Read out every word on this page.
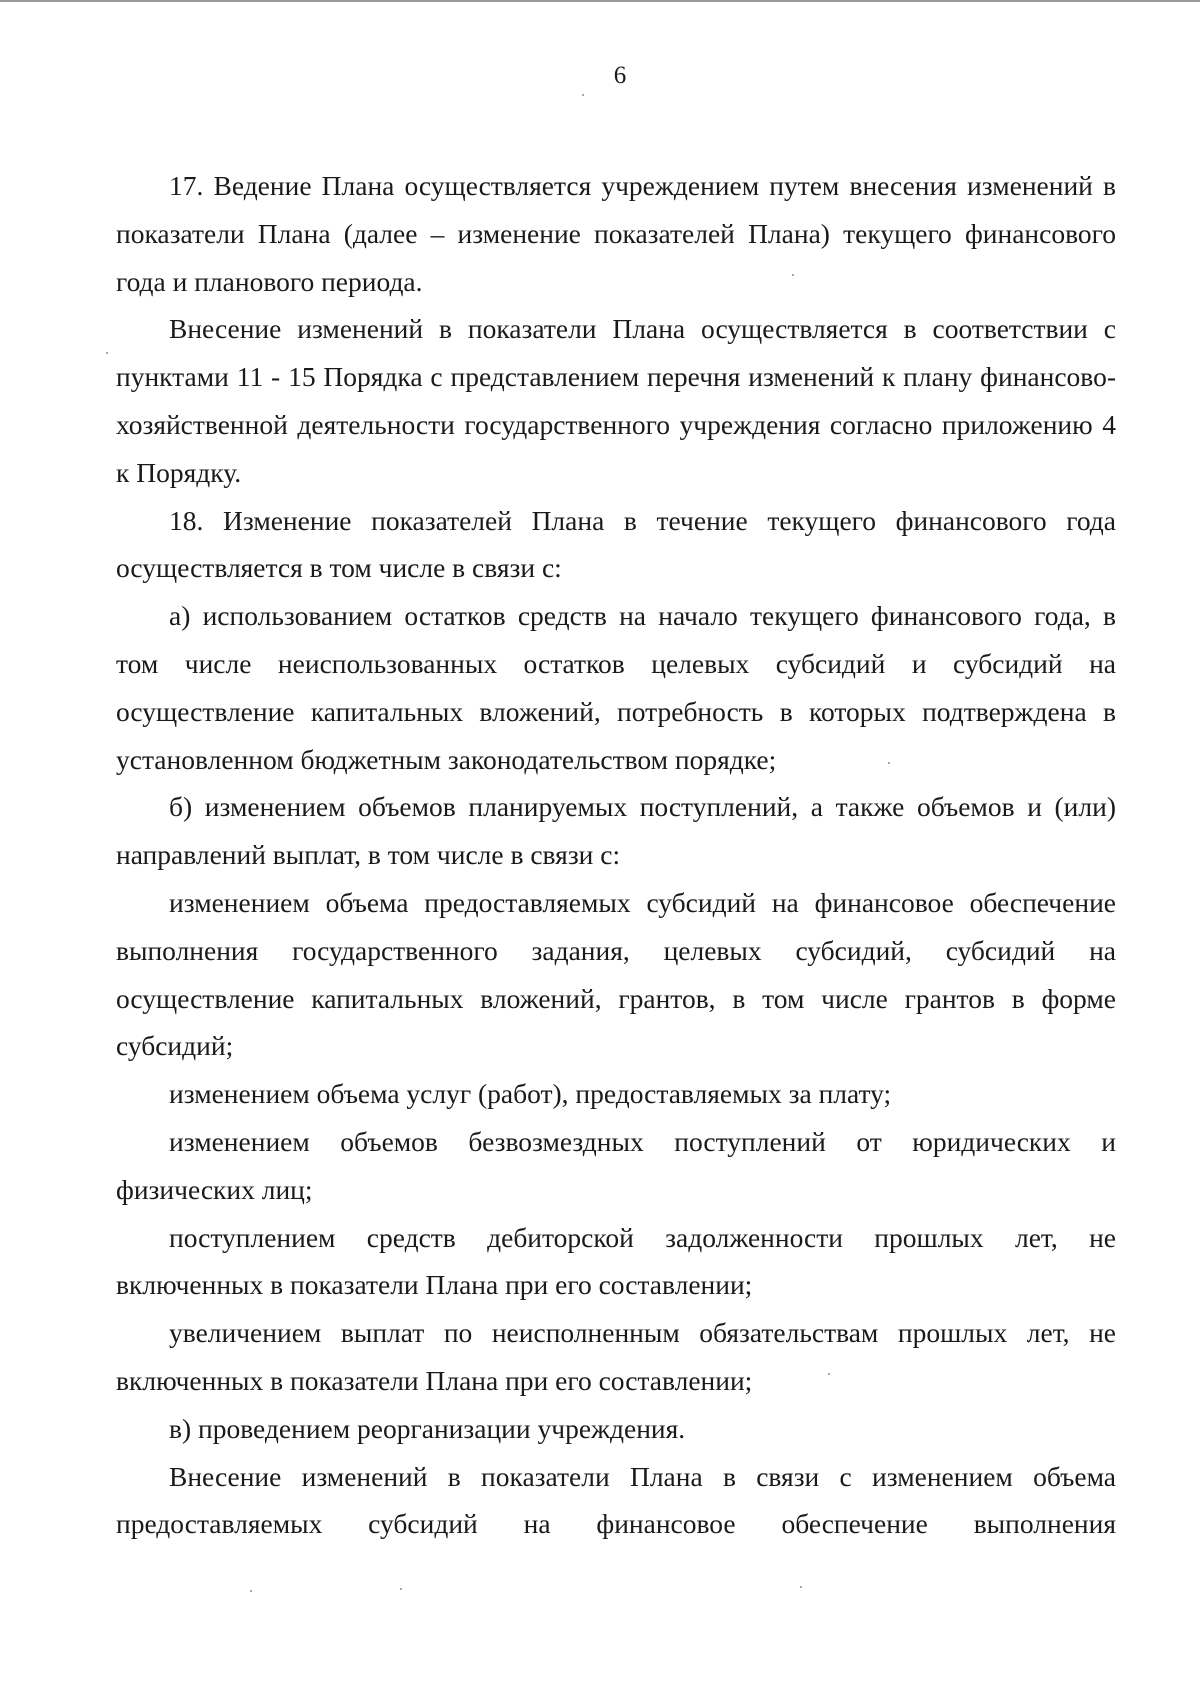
6

17. Ведение Плана осуществляется учреждением путем внесения изменений в показатели Плана (далее – изменение показателей Плана) текущего финансового года и планового периода.

Внесение изменений в показатели Плана осуществляется в соответствии с пунктами 11 - 15 Порядка с представлением перечня изменений к плану финансово-хозяйственной деятельности государственного учреждения согласно приложению 4 к Порядку.

18. Изменение показателей Плана в течение текущего финансового года осуществляется в том числе в связи с:

а) использованием остатков средств на начало текущего финансового года, в том числе неиспользованных остатков целевых субсидий и субсидий на осуществление капитальных вложений, потребность в которых подтверждена в установленном бюджетным законодательством порядке;

б) изменением объемов планируемых поступлений, а также объемов и (или) направлений выплат, в том числе в связи с:

изменением объема предоставляемых субсидий на финансовое обеспечение выполнения государственного задания, целевых субсидий, субсидий на осуществление капитальных вложений, грантов, в том числе грантов в форме субсидий;

изменением объема услуг (работ), предоставляемых за плату;

изменением объемов безвозмездных поступлений от юридических и физических лиц;

поступлением средств дебиторской задолженности прошлых лет, не включенных в показатели Плана при его составлении;

увеличением выплат по неисполненным обязательствам прошлых лет, не включенных в показатели Плана при его составлении;

в) проведением реорганизации учреждения.

Внесение изменений в показатели Плана в связи с изменением объема предоставляемых субсидий на финансовое обеспечение выполнения
